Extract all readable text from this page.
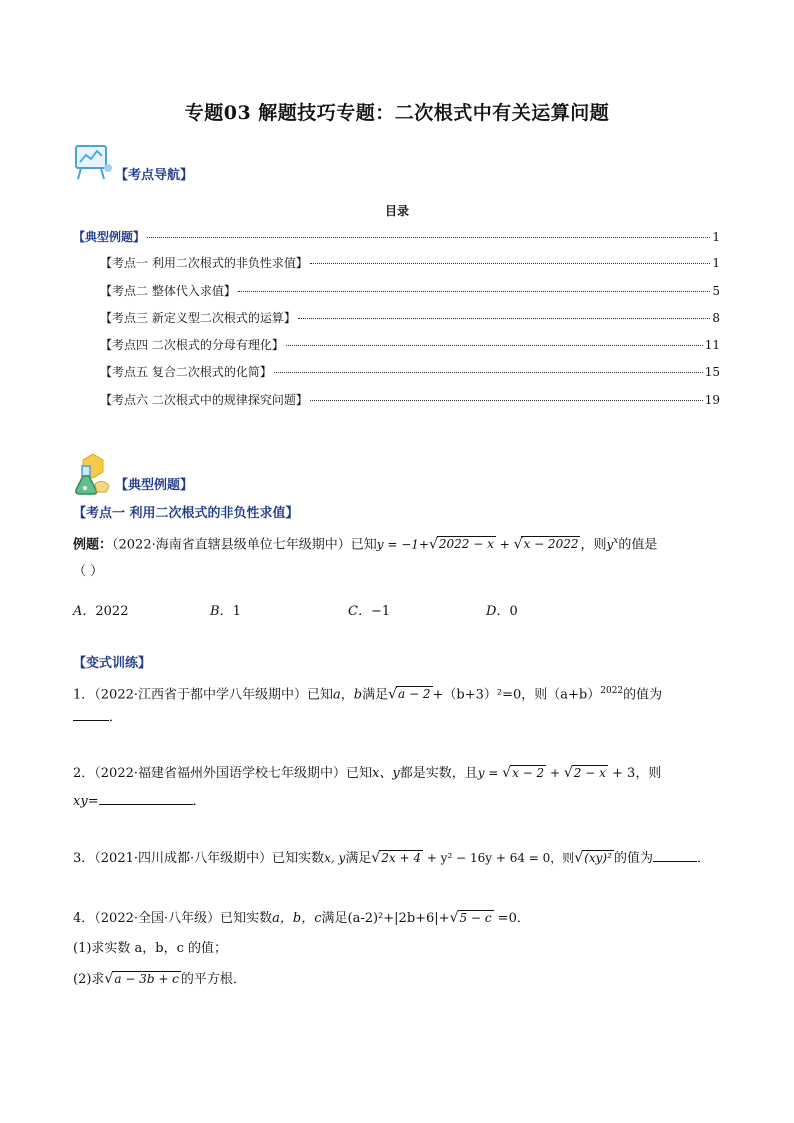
专题03 解题技巧专题：二次根式中有关运算问题
【考点导航】
目录
【典型例题】	1
【考点一 利用二次根式的非负性求值】	1
【考点二 整体代入求值】	5
【考点三 新定义型二次根式的运算】	8
【考点四 二次根式的分母有理化】	11
【考点五 复合二次根式的化简】	15
【考点六 二次根式中的规律探究问题】	19
【典型例题】
【考点一 利用二次根式的非负性求值】
例题：（2022·海南省直辖县级单位七年级期中）已知y = −1+√2022 − x + √x − 2022 ，则$y^x$的值是
（ ）
A．2022	B．1	C．−1	D．0
【变式训练】
1．（2022·江西省于都中学八年级期中）已知a，b满足√a − 2 +（b+3）²=0，则$(a+b)^{2022}$的值为
．
2．（2022·福建省福州外国语学校七年级期中）已知x、y都是实数，且y = √x − 2 + √2 − x + 3，则
xy=	．
3．（2021·四川成都·八年级期中）已知实数x, y满足√2x + 4 + y² − 16y + 64 = 0，则√(xy)² 的值为	．
4．（2022·全国·八年级）已知实数a，b，c满足(a-2)²+|2b+6|+√5 − c =0．
(1)求实数 a，b，c 的值；
(2)求√a − 3b + c 的平方根．
